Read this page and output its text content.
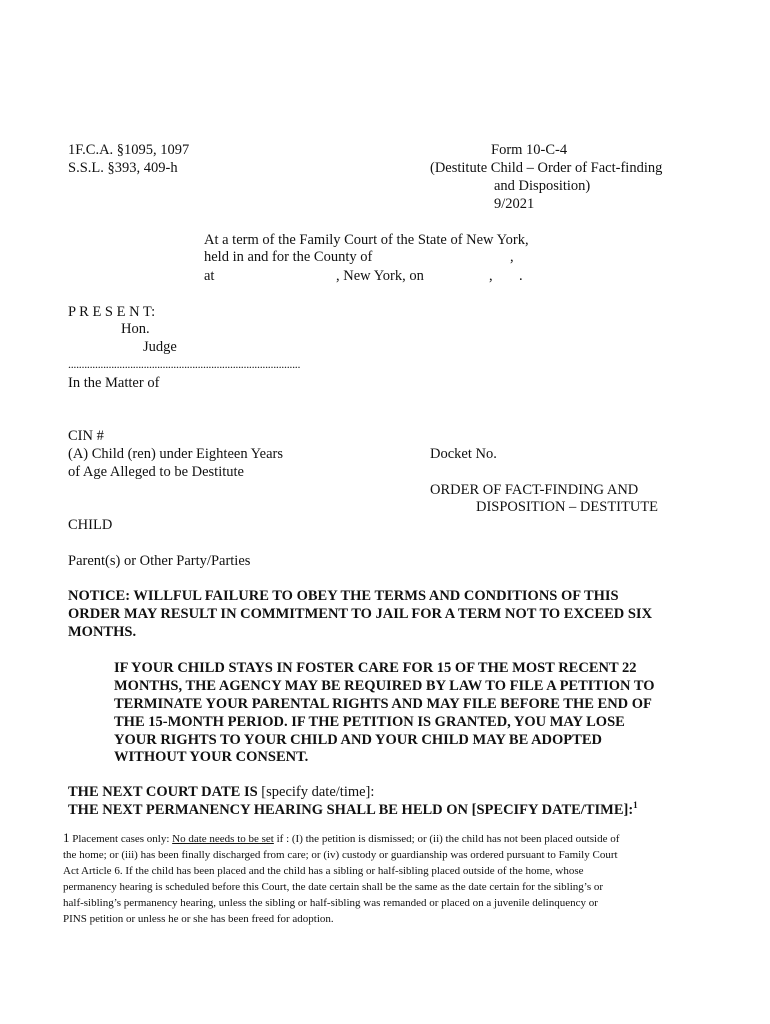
1F.C.A. §1095, 1097
S.S.L. §393, 409-h
Form 10-C-4
(Destitute Child – Order of Fact-finding
and Disposition)
9/2021
At a term of the Family Court of the State of New York,
held in and for the County of	,
at	, New York, on	, .
P R E S E N T:
Hon.
Judge
......................................................................................
In the Matter of
CIN #
(A) Child (ren) under Eighteen Years
of Age Alleged to be Destitute
CHILD
Parent(s) or Other Party/Parties
Docket No.
ORDER OF FACT-FINDING AND
DISPOSITION – DESTITUTE
NOTICE: WILLFUL FAILURE TO OBEY THE TERMS AND CONDITIONS OF THIS
ORDER MAY RESULT IN COMMITMENT TO JAIL FOR A TERM NOT TO EXCEED SIX
MONTHS.
IF YOUR CHILD STAYS IN FOSTER CARE FOR 15 OF THE MOST RECENT 22
MONTHS, THE AGENCY MAY BE REQUIRED BY LAW TO FILE A PETITION TO
TERMINATE YOUR PARENTAL RIGHTS AND MAY FILE BEFORE THE END OF
THE 15-MONTH PERIOD. IF THE PETITION IS GRANTED, YOU MAY LOSE
YOUR RIGHTS TO YOUR CHILD AND YOUR CHILD MAY BE ADOPTED
WITHOUT YOUR CONSENT.
THE NEXT COURT DATE IS [specify date/time]:
THE NEXT PERMANENCY HEARING SHALL BE HELD ON [SPECIFY DATE/TIME]:$^1$
1 Placement cases only: No date needs to be set if : (I) the petition is dismissed; or (ii) the child has not been placed outside of
the home; or (iii) has been finally discharged from care; or (iv) custody or guardianship was ordered pursuant to Family Court
Act Article 6. If the child has been placed and the child has a sibling or half-sibling placed outside of the home, whose
permanency hearing is scheduled before this Court, the date certain shall be the same as the date certain for the sibling’s or
half-sibling’s permanency hearing, unless the sibling or half-sibling was remanded or placed on a juvenile delinquency or
PINS petition or unless he or she has been freed for adoption.
